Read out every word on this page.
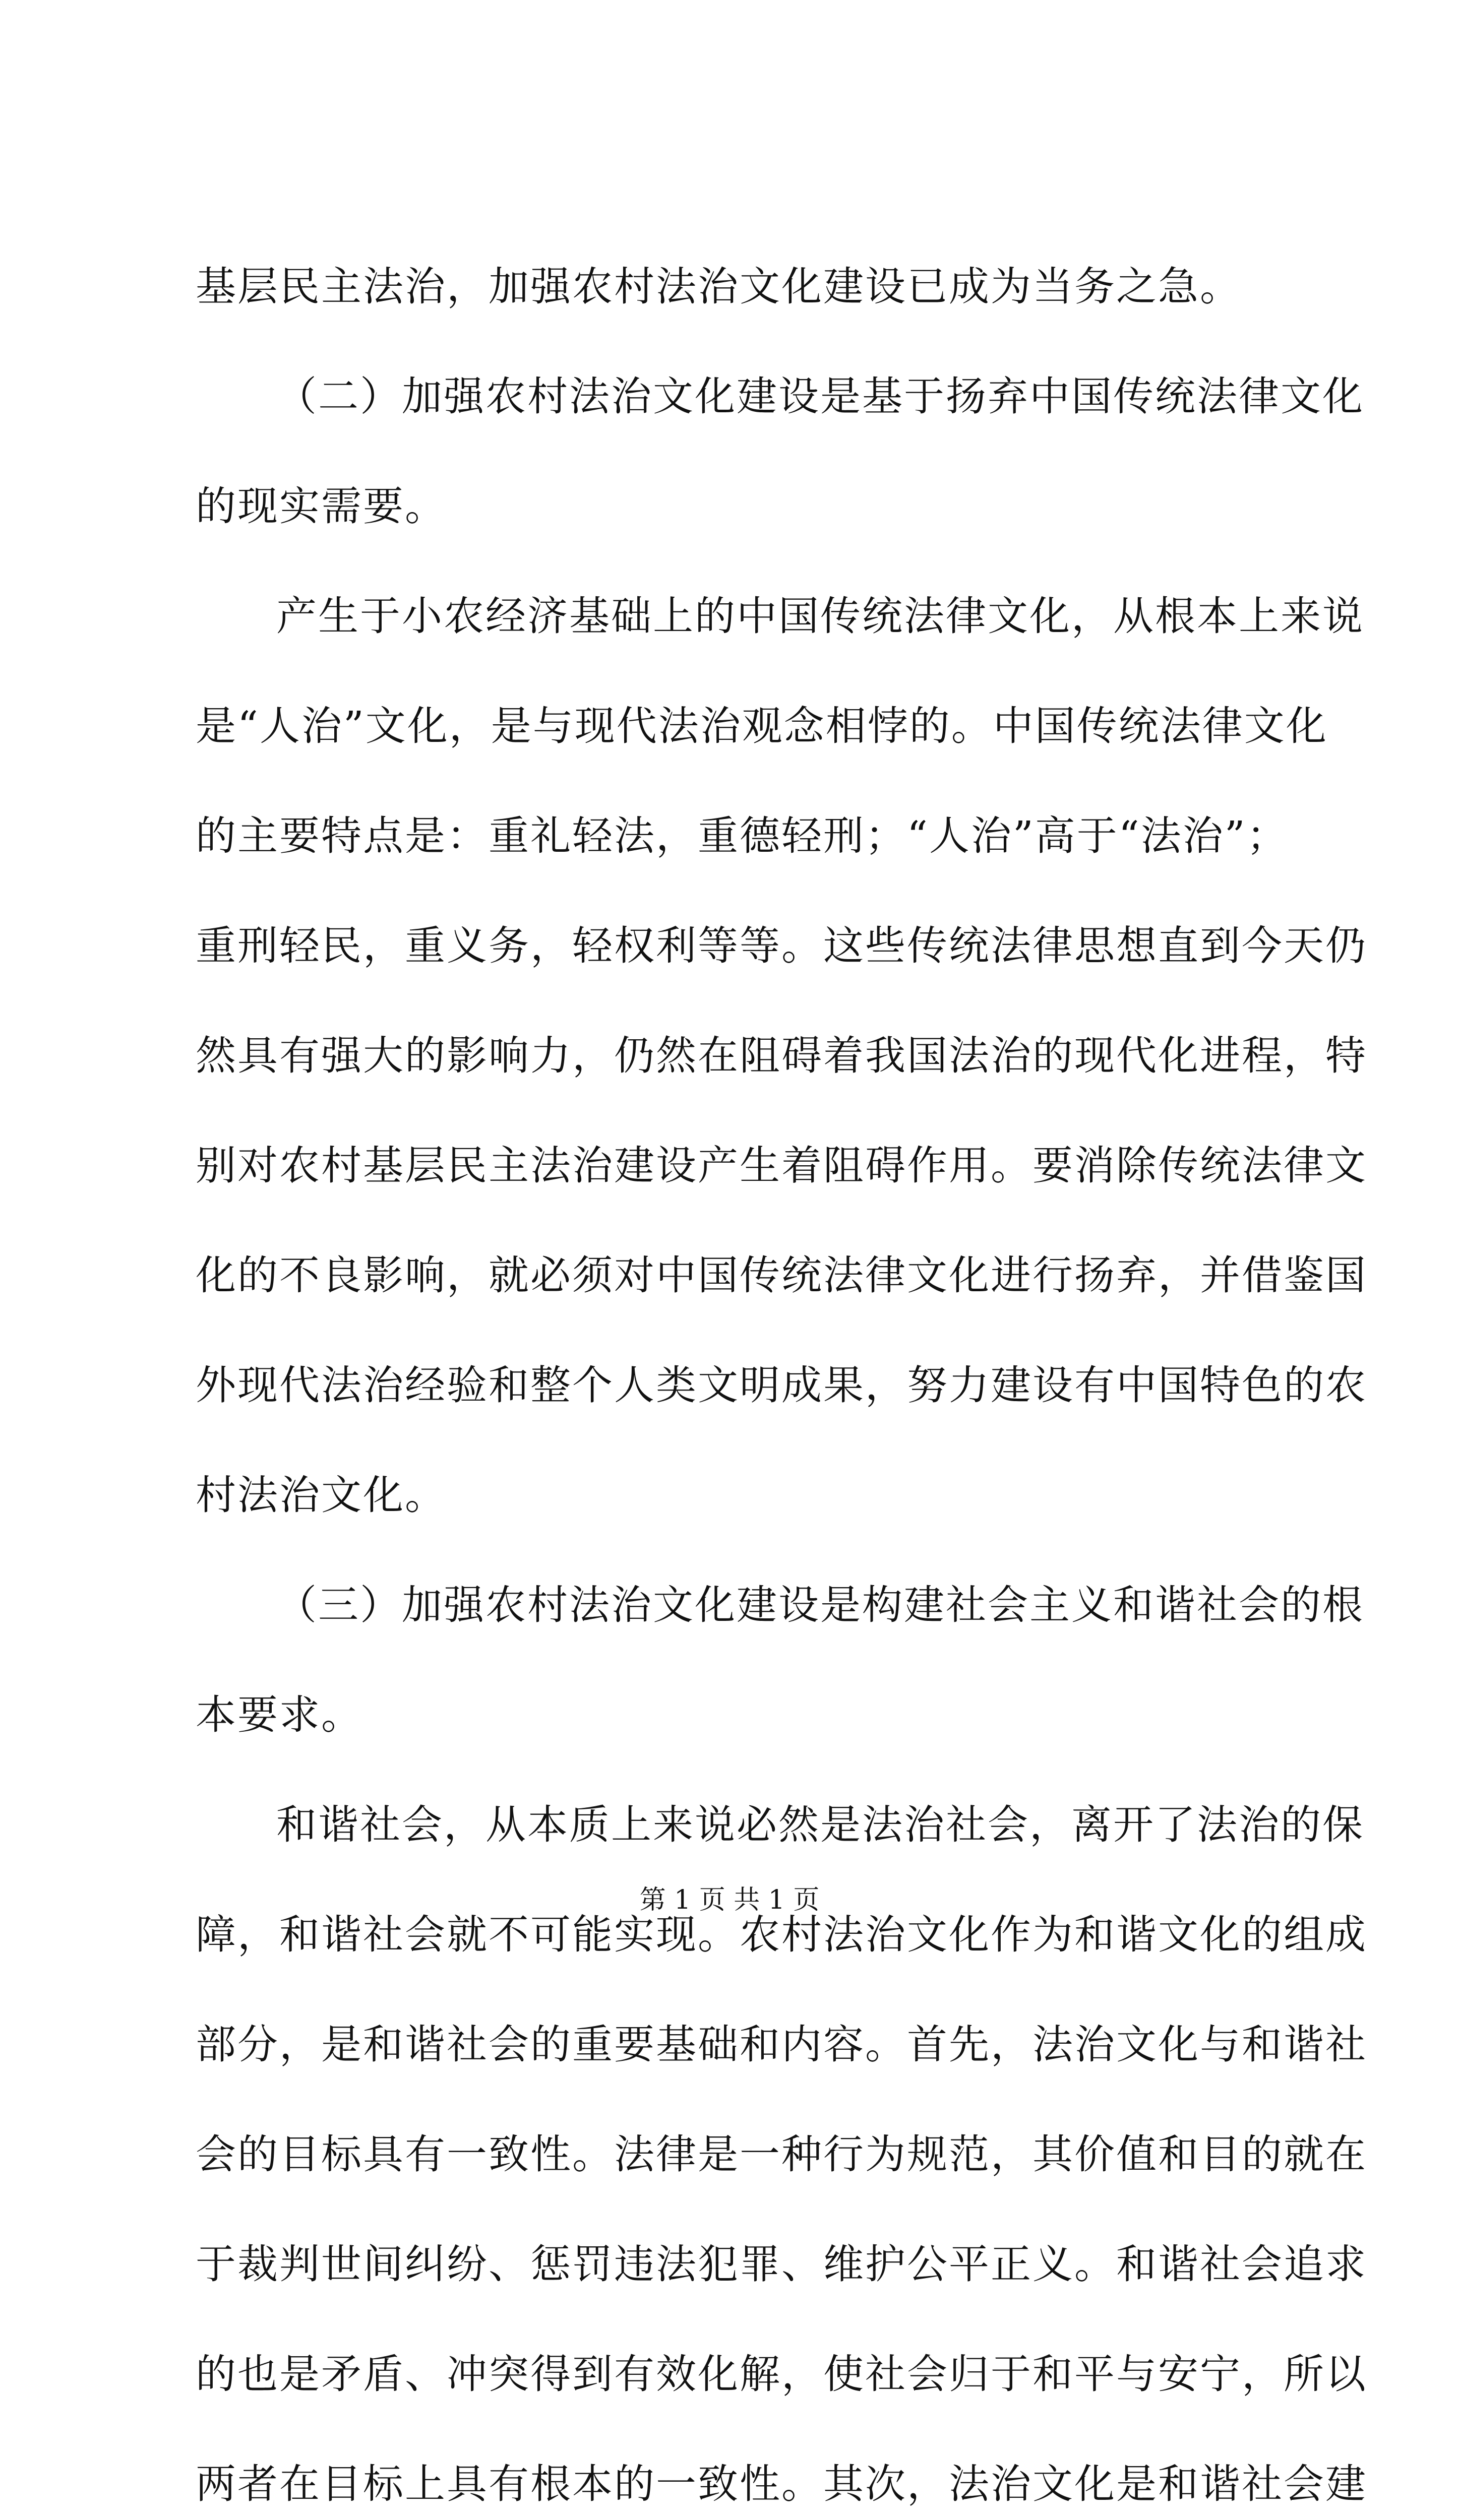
基层民主法治，加强农村法治文化建设已成为当务之急。
（二）加强农村法治文化建设是基于扬弃中国传统法律文化
的现实需要。
产生于小农经济基础上的中国传统法律文化，从根本上来说
是“人治”文化，是与现代法治观念相悖的。中国传统法律文化
的主要特点是：重礼轻法，重德轻刑；“人治”高于“法治”；
重刑轻民，重义务，轻权利等等。这些传统法律思想直到今天仍
然具有强大的影响力，仍然在阻碍着我国法治的现代化进程，特
别对农村基层民主法治建设产生着阻碍作用。要消除传统法律文
化的不良影响，就必须对中国传统法律文化进行扬弃，并借鉴国
外现代法治经验和整个人类文明成果，努力建设有中国特色的农
村法治文化。
（三）加强农村法治文化建设是构建社会主义和谐社会的根
本要求。
和谐社会，从本质上来说必然是法治社会，离开了法治的保
障，和谐社会就不可能实现。农村法治文化作为和谐文化的组成
部分，是和谐社会的重要基础和内容。首先，法治文化与和谐社
会的目标具有一致性。法律是一种行为规范，其价值和目的就在
于裁判世间纠纷、惩罚违法犯罪、维护公平正义。和谐社会追求
的也是矛盾、冲突得到有效化解，使社会归于和平与安宁，所以
两者在目标上具有根本的一致性。其次，法治文化是和谐社会建
第 1 页 共 1 页
